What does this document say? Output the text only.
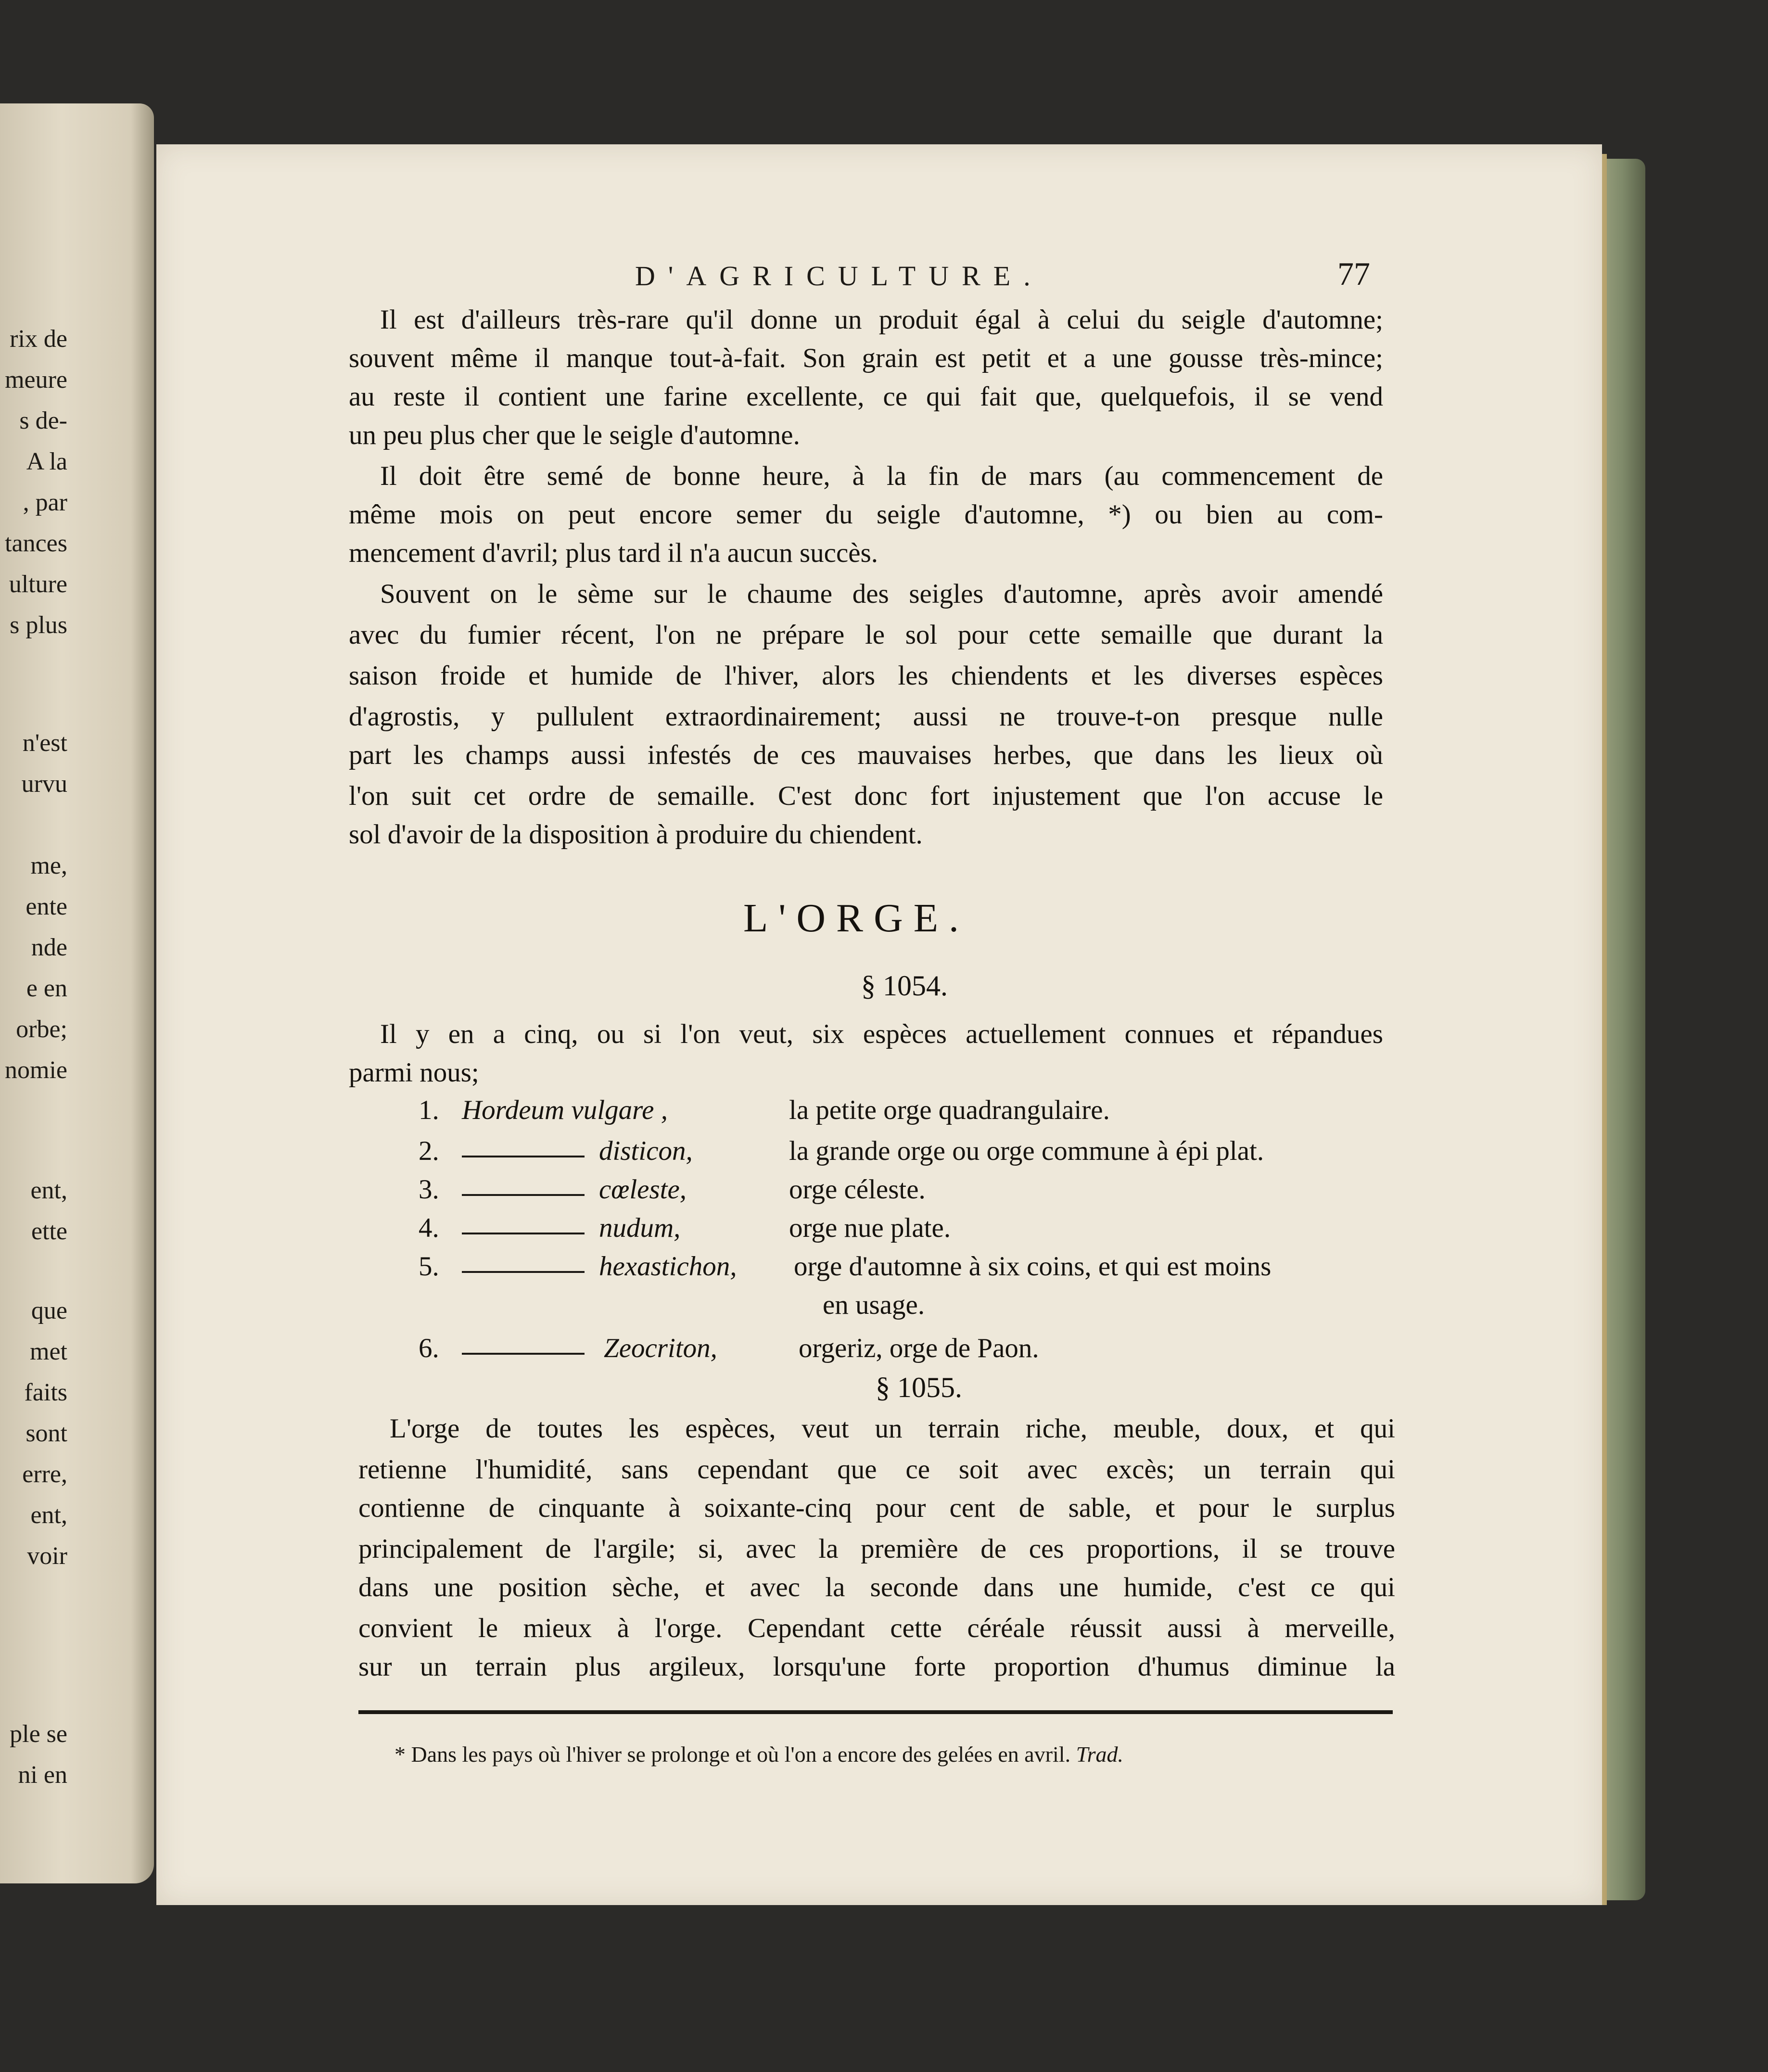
rix de
meure
s de-
A la
, par
tances
ulture
s plus
n'est
urvu
me,
ente
nde
e en
orbe;
nomie
ent,
ette
que
met
faits
sont
erre,
ent,
voir
ple se
ni en
D'AGRICULTURE.	77
Il est d'ailleurs très-rare qu'il donne un produit égal à celui du seigle d'automne;
souvent même il manque tout-à-fait. Son grain est petit et a une gousse très-mince;
au reste il contient une farine excellente, ce qui fait que, quelquefois, il se vend
un peu plus cher que le seigle d'automne.
Il doit être semé de bonne heure, à la fin de mars (au commencement de
même mois on peut encore semer du seigle d'automne, *) ou bien au com-
mencement d'avril; plus tard il n'a aucun succès.
Souvent on le sème sur le chaume des seigles d'automne, après avoir amendé
avec du fumier récent, l'on ne prépare le sol pour cette semaille que durant la
saison froide et humide de l'hiver, alors les chiendents et les diverses espèces
d'agrostis, y pullulent extraordinairement; aussi ne trouve-t-on presque nulle
part les champs aussi infestés de ces mauvaises herbes, que dans les lieux où
l'on suit cet ordre de semaille. C'est donc fort injustement que l'on accuse le
sol d'avoir de la disposition à produire du chiendent.
L'ORGE.
§ 1054.
Il y en a cinq, ou si l'on veut, six espèces actuellement connues et répandues
parmi nous;
1. Hordeum vulgare ,	la petite orge quadrangulaire.
2.	disticon,	la grande orge ou orge commune à épi plat.
3.	cœleste,	orge céleste.
4.	nudum,	orge nue plate.
5.	hexastichon, orge d'automne à six coins, et qui est moins
en usage.
6.	Zeocriton,	orgeriz, orge de Paon.
§ 1055.
L'orge de toutes les espèces, veut un terrain riche, meuble, doux, et qui
retienne l'humidité, sans cependant que ce soit avec excès; un terrain qui
contienne de cinquante à soixante-cinq pour cent de sable, et pour le surplus
principalement de l'argile; si, avec la première de ces proportions, il se trouve
dans une position sèche, et avec la seconde dans une humide, c'est ce qui
convient le mieux à l'orge. Cependant cette céréale réussit aussi à merveille,
sur un terrain plus argileux, lorsqu'une forte proportion d'humus diminue la
* Dans les pays où l'hiver se prolonge et où l'on a encore des gelées en avril. Trad.
